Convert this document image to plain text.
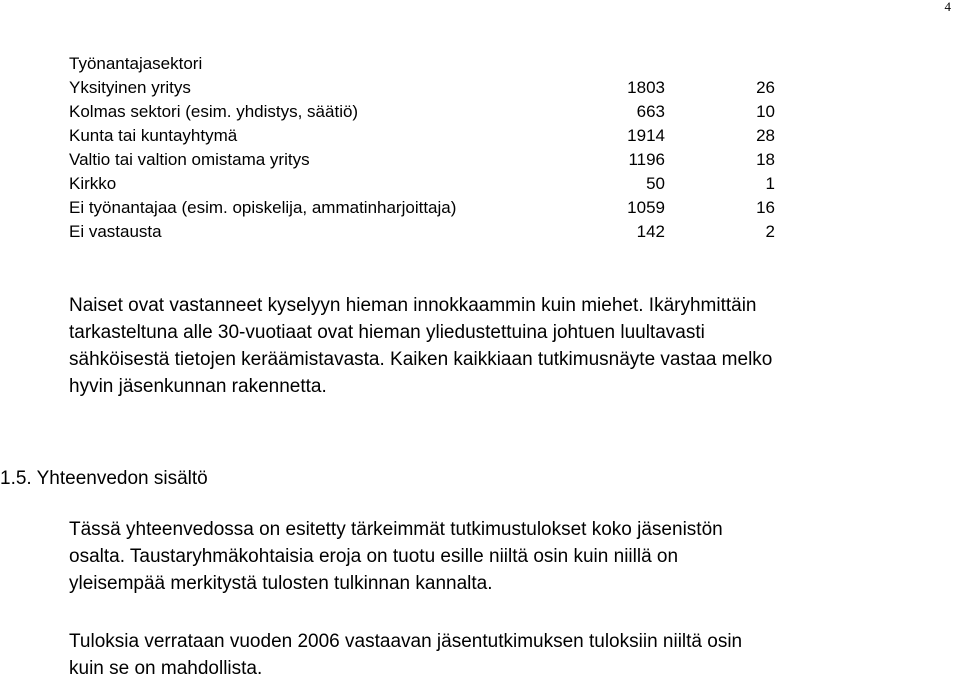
4
Työnantajasektori
Yksityinen yritys	1803	26
Kolmas sektori (esim. yhdistys, säätiö)	663	10
Kunta tai kuntayhtymä	1914	28
Valtio tai valtion omistama yritys	1196	18
Kirkko	50	1
Ei työnantajaa (esim. opiskelija, ammatinharjoittaja)	1059	16
Ei vastausta	142	2

Naiset ovat vastanneet kyselyyn hieman innokkaammin kuin miehet. Ikäryhmittäin
tarkasteltuna alle 30-vuotiaat ovat hieman yliedustettuina johtuen luultavasti
sähköisestä tietojen keräämistavasta. Kaiken kaikkiaan tutkimusnäyte vastaa melko
hyvin jäsenkunnan rakennetta.

1.5. Yhteenvedon sisältö

Tässä yhteenvedossa on esitetty tärkeimmät tutkimustulokset koko jäsenistön
osalta. Taustaryhmäkohtaisia eroja on tuotu esille niiltä osin kuin niillä on
yleisempää merkitystä tulosten tulkinnan kannalta.

Tuloksia verrataan vuoden 2006 vastaavan jäsentutkimuksen tuloksiin niiltä osin
kuin se on mahdollista.
